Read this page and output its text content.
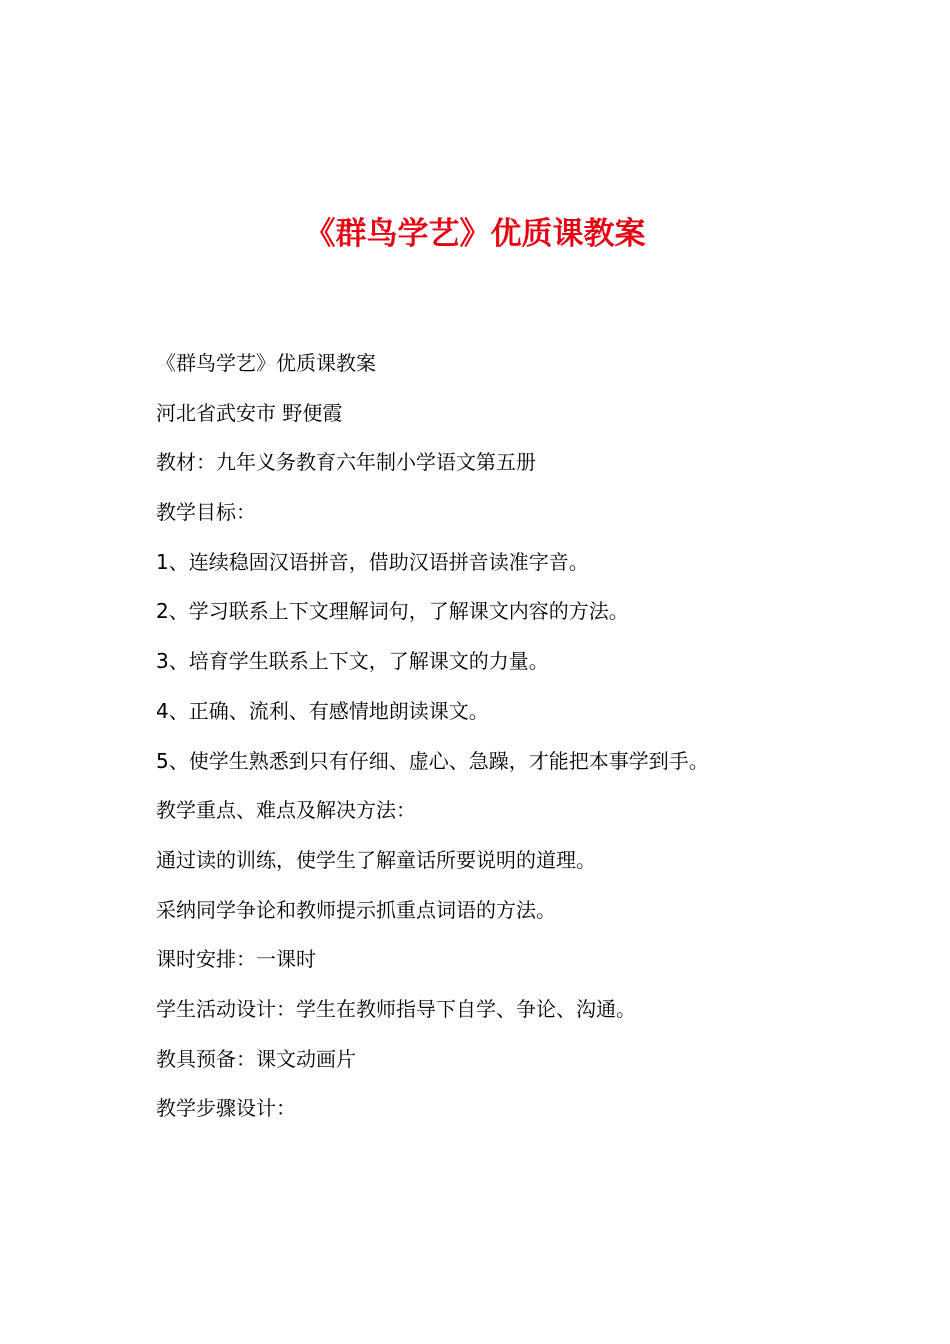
《群鸟学艺》优质课教案
《群鸟学艺》优质课教案
河北省武安市 野便霞
教材：九年义务教育六年制小学语文第五册
教学目标：
1、连续稳固汉语拼音，借助汉语拼音读准字音。
2、学习联系上下文理解词句，了解课文内容的方法。
3、培育学生联系上下文，了解课文的力量。
4、正确、流利、有感情地朗读课文。
5、使学生熟悉到只有仔细、虚心、急躁，才能把本事学到手。
教学重点、难点及解决方法：
通过读的训练，使学生了解童话所要说明的道理。
采纳同学争论和教师提示抓重点词语的方法。
课时安排：一课时
学生活动设计：学生在教师指导下自学、争论、沟通。
教具预备：课文动画片
教学步骤设计：
